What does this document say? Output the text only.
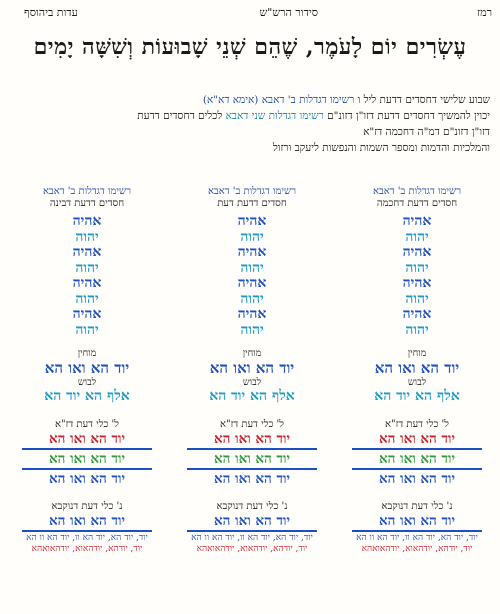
רמז
סידור הרש"ש
עדות ביהוסף
עֶשְׂרִים יוֹם לָעֹמֶר, שֶׁהֵם שְׁנֵי שָׁבוּעוֹת וְשִׁשָּׁה יָמִים
שבוע שלישי דחסדים דדעת ליל ו רשימו דגדלות ב' דאבא (אימא דא"א)
יכוין להמשיך דחסדים דדעת דזו"ן דזונ"ם רשימו דגדלות שני דאבא לכלים דחסדים דדעת
דזו"ן דזונ"ם דמ"ה דחכמה דז"א
והמלכיות והדמות ומספר השמות והנפשות ליעקב ורזול
רשימו דגדלות ב' דאבא
חסדים דדעת דחכמה
אהיה
יהוה
אהיה
יהוה
אהיה
יהוה
אהיה
יהוה
מוחין
יוד הא ואו הא
לבוש
אלף הא יוד הא
ל' כלי דעת דז"א
יוד הא ואו הא
יוד הא ואו הא
יוד הא ואו הא
נ' כלי דעת דנוקבא
יוד הא ואו הא
יוד, יוד הא, יוד הא וו, יוד הא וו הא
יוד, יודהא, יודהאוא, יודהאואהא
רשימו דגדלות ב' דאבא
חסדים דדעת דעת
אהיה
יהוה
אהיה
יהוה
אהיה
יהוה
אהיה
יהוה
מוחין
יוד הא ואו הא
לבוש
אלף הא יוד הא
ל' כלי דעת דז"א
יוד הא ואו הא
יוד הא ואו הא
יוד הא ואו הא
נ' כלי דעת דנוקבא
יוד הא ואו הא
יוד, יוד הא, יוד הא וו, יוד הא וו הא
יוד, יודהא, יודהאוא, יודהאואהא
רשימו דגדלות ב' דאבא
חסדים דדעת דבינה
אהיה
יהוה
אהיה
יהוה
אהיה
יהוה
אהיה
יהוה
מוחין
יוד הא ואו הא
לבוש
אלף הא יוד הא
ל' כלי דעת דז"א
יוד הא ואו הא
יוד הא ואו הא
יוד הא ואו הא
נ' כלי דעת דנוקבא
יוד הא ואו הא
יוד, יוד הא, יוד הא וו, יוד הא וו הא
יוד, יודהא, יודהאוא, יודהאואהא
